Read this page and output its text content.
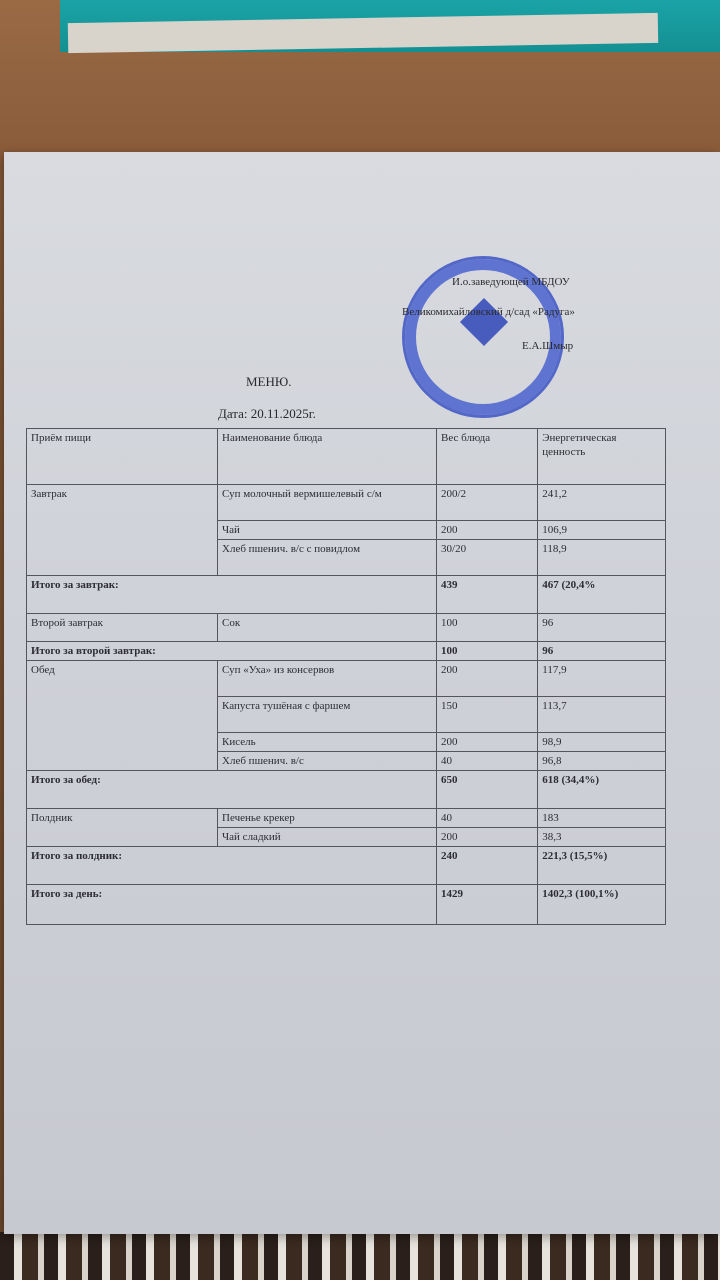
И.о.заведующей МБДОУ
Великомихайловский д/сад «Радуга»
Е.А.Шмыр
МЕНЮ.
Дата: 20.11.2025г.
Приём пищи	Наименование блюда	Вес блюда	Энергетическая ценность
Завтрак	Суп молочный вермишелевый с/м	200/2	241,2
	Чай	200	106,9
	Хлеб пшенич. в/с с повидлом	30/20	118,9
Итого за завтрак:		439	467 (20,4%
Второй завтрак	Сок	100	96
Итого за второй завтрак:		100	96
Обед	Суп «Уха» из консервов	200	117,9
	Капуста тушёная с фаршем	150	113,7
	Кисель	200	98,9
	Хлеб пшенич. в/с	40	96,8
Итого за обед:		650	618 (34,4%)
Полдник	Печенье крекер	40	183
	Чай сладкий	200	38,3
Итого за полдник:		240	221,3 (15,5%)
Итого за день:		1429	1402,3 (100,1%)
